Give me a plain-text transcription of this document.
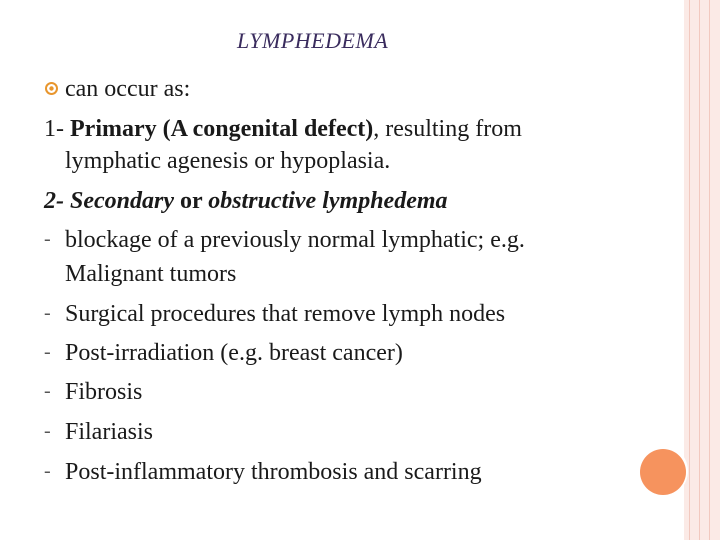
LYMPHEDEMA
can occur as:
1- Primary (A congenital defect), resulting from
lymphatic agenesis or hypoplasia.
2- Secondary or obstructive lymphedema
- blockage of a previously normal lymphatic; e.g.
Malignant tumors
- Surgical procedures that remove lymph nodes
- Post-irradiation (e.g. breast cancer)
- Fibrosis
- Filariasis
- Post-inflammatory thrombosis and scarring
